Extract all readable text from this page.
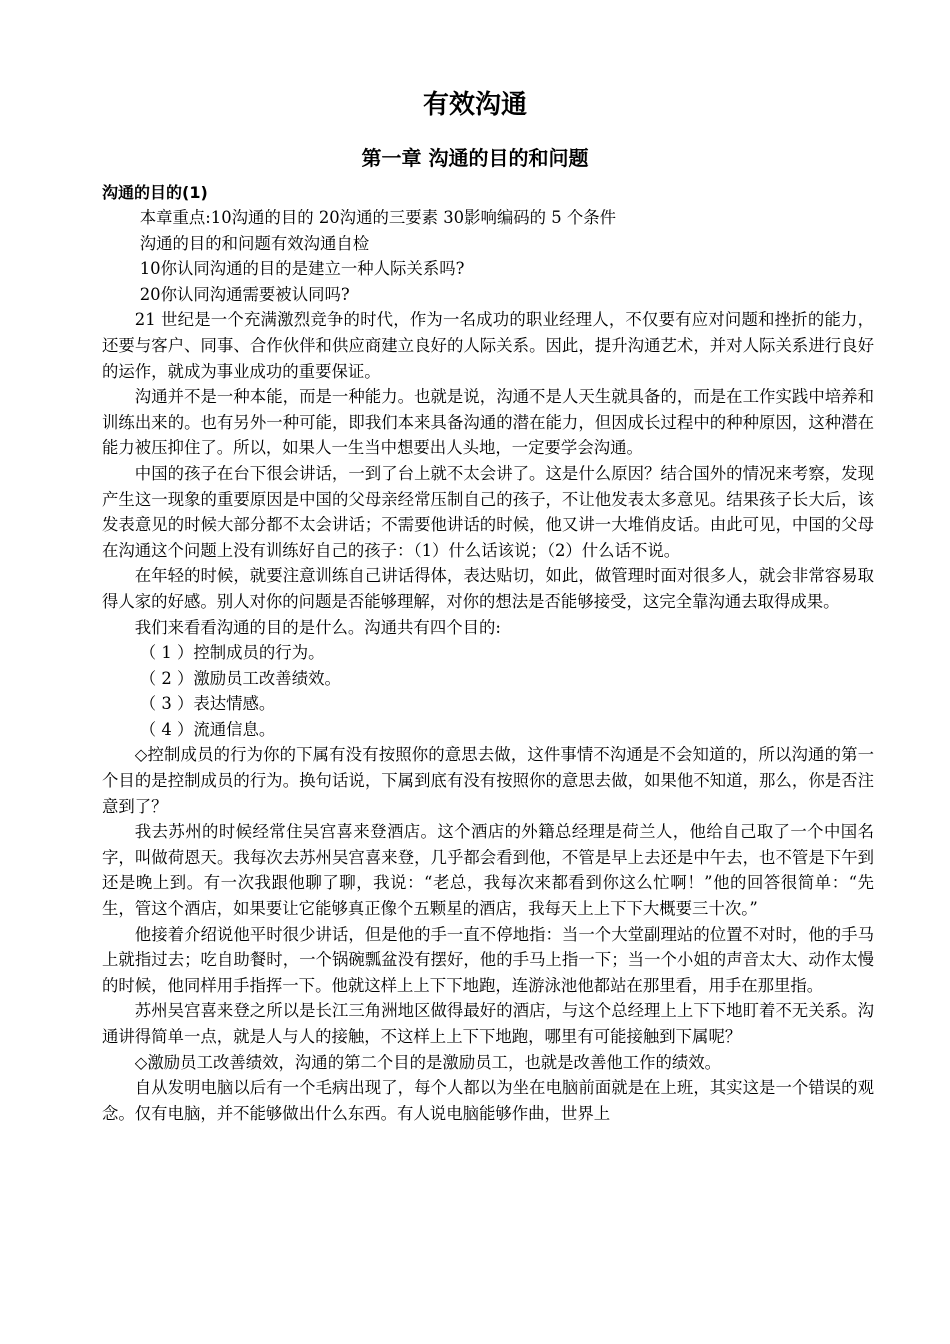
有效沟通
第一章 沟通的目的和问题
沟通的目的(1)

本章重点:10沟通的目的 20沟通的三要素 30影响编码的 5 个条件

沟通的目的和问题有效沟通自检

10你认同沟通的目的是建立一种人际关系吗?

20你认同沟通需要被认同吗?

21 世纪是一个充满激烈竞争的时代，作为一名成功的职业经理人，不仅要有应对问题和挫折的能力，还要与客户、同事、合作伙伴和供应商建立良好的人际关系。因此，提升沟通艺术，并对人际关系进行良好的运作，就成为事业成功的重要保证。

沟通并不是一种本能，而是一种能力。也就是说，沟通不是人天生就具备的，而是在工作实践中培养和训练出来的。也有另外一种可能，即我们本来具备沟通的潜在能力，但因成长过程中的种种原因，这种潜在能力被压抑住了。所以，如果人一生当中想要出人头地，一定要学会沟通。

中国的孩子在台下很会讲话，一到了台上就不太会讲了。这是什么原因？结合国外的情况来考察，发现产生这一现象的重要原因是中国的父母亲经常压制自己的孩子，不让他发表太多意见。结果孩子长大后，该发表意见的时候大部分都不太会讲话；不需要他讲话的时候，他又讲一大堆俏皮话。由此可见，中国的父母在沟通这个问题上没有训练好自己的孩子：（1）什么话该说；（2）什么话不说。

在年轻的时候，就要注意训练自己讲话得体，表达贴切，如此，做管理时面对很多人，就会非常容易取得人家的好感。别人对你的问题是否能够理解，对你的想法是否能够接受，这完全靠沟通去取得成果。

我们来看看沟通的目的是什么。沟通共有四个目的:

（ 1 ）控制成员的行为。

（ 2 ）激励员工改善绩效。

（ 3 ）表达情感。

（ 4 ）流通信息。

◇控制成员的行为你的下属有没有按照你的意思去做，这件事情不沟通是不会知道的，所以沟通的第一个目的是控制成员的行为。换句话说，下属到底有没有按照你的意思去做，如果他不知道，那么，你是否注意到了？

我去苏州的时候经常住吴宫喜来登酒店。这个酒店的外籍总经理是荷兰人，他给自己取了一个中国名字，叫做荷恩天。我每次去苏州吴宫喜来登，几乎都会看到他，不管是早上去还是中午去，也不管是下午到还是晚上到。有一次我跟他聊了聊，我说：“老总，我每次来都看到你这么忙啊！”他的回答很简单：“先生，管这个酒店，如果要让它能够真正像个五颗星的酒店，我每天上上下下大概要三十次。”

他接着介绍说他平时很少讲话，但是他的手一直不停地指：当一个大堂副理站的位置不对时，他的手马上就指过去；吃自助餐时，一个锅碗瓢盆没有摆好，他的手马上指一下；当一个小姐的声音太大、动作太慢的时候，他同样用手指挥一下。他就这样上上下下地跑，连游泳池他都站在那里看，用手在那里指。

苏州吴宫喜来登之所以是长江三角洲地区做得最好的酒店，与这个总经理上上下下地盯着不无关系。沟通讲得简单一点，就是人与人的接触，不这样上上下下地跑，哪里有可能接触到下属呢？

◇激励员工改善绩效，沟通的第二个目的是激励员工，也就是改善他工作的绩效。

自从发明电脑以后有一个毛病出现了，每个人都以为坐在电脑前面就是在上班，其实这是一个错误的观念。仅有电脑，并不能够做出什么东西。有人说电脑能够作曲，世界上
